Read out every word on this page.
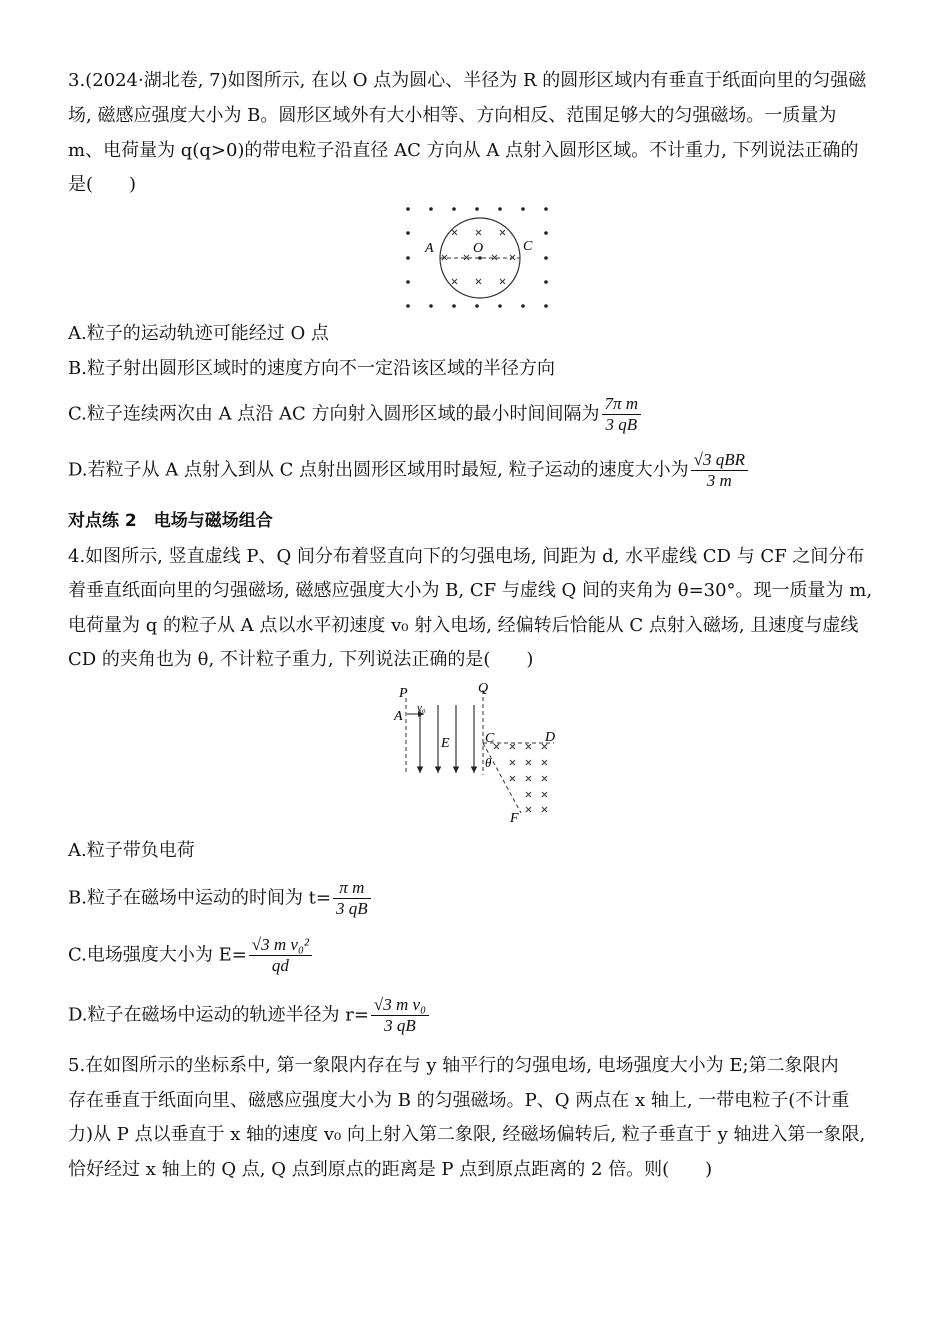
3.(2024·湖北卷, 7)如图所示, 在以 O 点为圆心、半径为 R 的圆形区域内有垂直于纸面向里的匀强磁
场, 磁感应强度大小为 B。圆形区域外有大小相等、方向相反、范围足够大的匀强磁场。一质量为
m、电荷量为 q(q>0)的带电粒子沿直径 AC 方向从 A 点射入圆形区域。不计重力, 下列说法正确的
是(　　)
A	O	C
A.粒子的运动轨迹可能经过 O 点
B.粒子射出圆形区域时的速度方向不一定沿该区域的半径方向
C.粒子连续两次由 A 点沿 AC 方向射入圆形区域的最小时间间隔为 $\frac{\text{7π m}}{3 qB}$
D.若粒子从 A 点射入到从 C 点射出圆形区域用时最短, 粒子运动的速度大小为 $\frac{\text{√3 qBR}}{3 m}$
对点练 2　电场与磁场组合
4.如图所示, 竖直虚线 P、Q 间分布着竖直向下的匀强电场, 间距为 d, 水平虚线 CD 与 CF 之间分布
着垂直纸面向里的匀强磁场, 磁感应强度大小为 B, CF 与虚线 Q 间的夹角为 θ=30°。现一质量为 m,
电荷量为 q 的粒子从 A 点以水平初速度 v₀ 射入电场, 经偏转后恰能从 C 点射入磁场, 且速度与虚线
CD 的夹角也为 θ, 不计粒子重力, 下列说法正确的是(　　)
P	Q
A
v₀
E	C	D
θ
F
A.粒子带负电荷
B.粒子在磁场中运动的时间为 $t= \frac{\text{π m}}{3 qB}$
C.电场强度大小为 $E= \frac{\text{√3 m v₀²}}{qd}$
D.粒子在磁场中运动的轨迹半径为 $r= \frac{\text{√3 m v₀}}{3 qB}$
5.在如图所示的坐标系中, 第一象限内存在与 y 轴平行的匀强电场, 电场强度大小为 E;第二象限内
存在垂直于纸面向里、磁感应强度大小为 B 的匀强磁场。P、Q 两点在 x 轴上, 一带电粒子(不计重
力)从 P 点以垂直于 x 轴的速度 v₀ 向上射入第二象限, 经磁场偏转后, 粒子垂直于 y 轴进入第一象限,
恰好经过 x 轴上的 Q 点, Q 点到原点的距离是 P 点到原点距离的 2 倍。则(　　)
